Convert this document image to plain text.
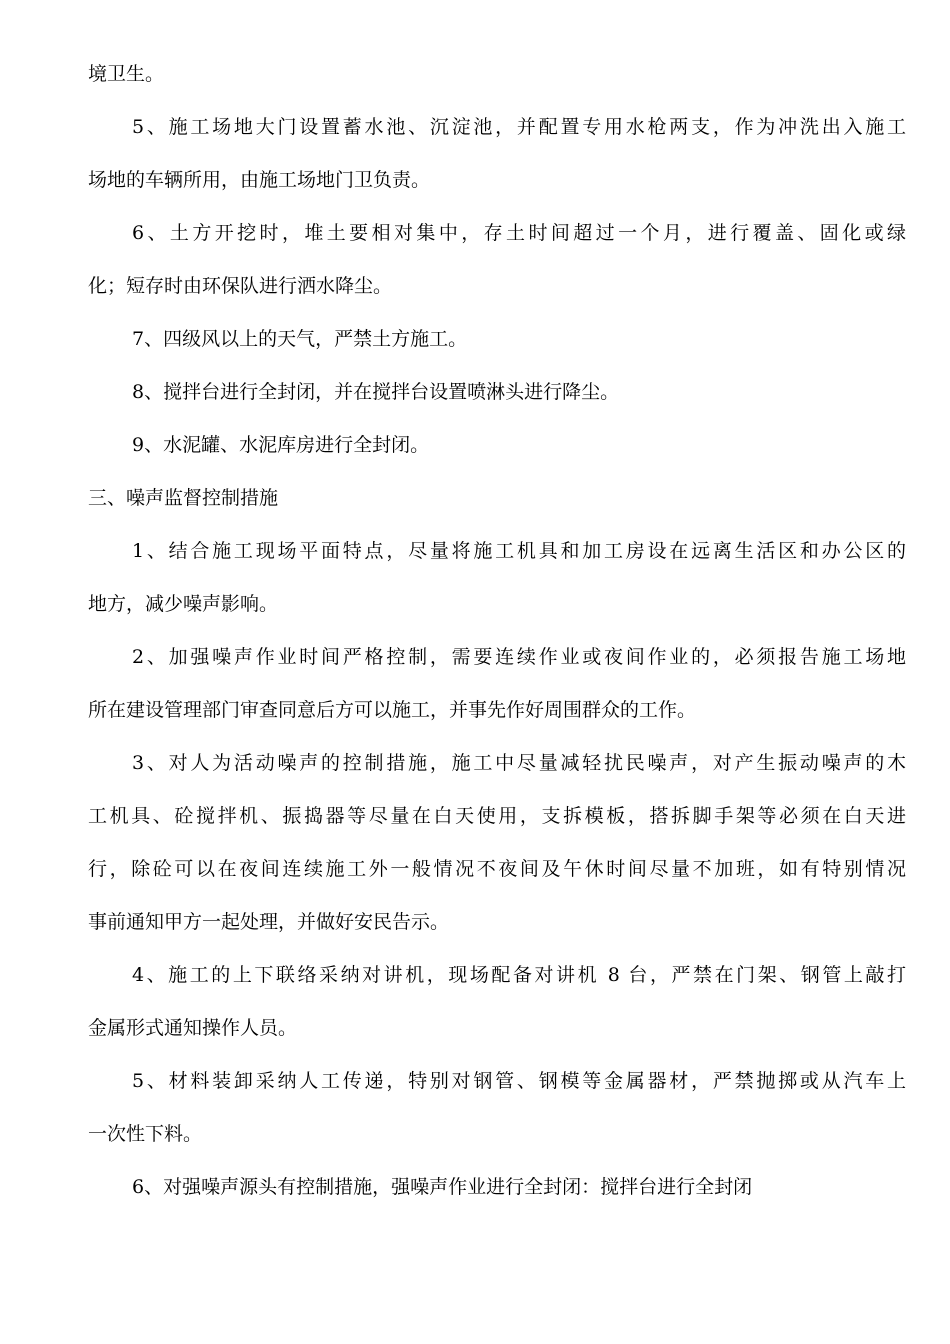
境卫生。
5、施工场地大门设置蓄水池、沉淀池，并配置专用水枪两支，作为冲洗出入施工
场地的车辆所用，由施工场地门卫负责。
6、土方开挖时，堆土要相对集中，存土时间超过一个月，进行覆盖、固化或绿
化；短存时由环保队进行洒水降尘。
7、四级风以上的天气，严禁土方施工。
8、搅拌台进行全封闭，并在搅拌台设置喷淋头进行降尘。
9、水泥罐、水泥库房进行全封闭。
三、噪声监督控制措施
1、结合施工现场平面特点，尽量将施工机具和加工房设在远离生活区和办公区的
地方，减少噪声影响。
2、加强噪声作业时间严格控制，需要连续作业或夜间作业的，必须报告施工场地
所在建设管理部门审查同意后方可以施工，并事先作好周围群众的工作。
3、对人为活动噪声的控制措施，施工中尽量减轻扰民噪声，对产生振动噪声的木
工机具、砼搅拌机、振捣器等尽量在白天使用，支拆模板，搭拆脚手架等必须在白天进
行，除砼可以在夜间连续施工外一般情况不夜间及午休时间尽量不加班，如有特别情况
事前通知甲方一起处理，并做好安民告示。
4、施工的上下联络采纳对讲机，现场配备对讲机 8 台，严禁在门架、钢管上敲打
金属形式通知操作人员。
5、材料装卸采纳人工传递，特别对钢管、钢模等金属器材，严禁抛掷或从汽车上
一次性下料。
6、对强噪声源头有控制措施，强噪声作业进行全封闭：搅拌台进行全封闭
